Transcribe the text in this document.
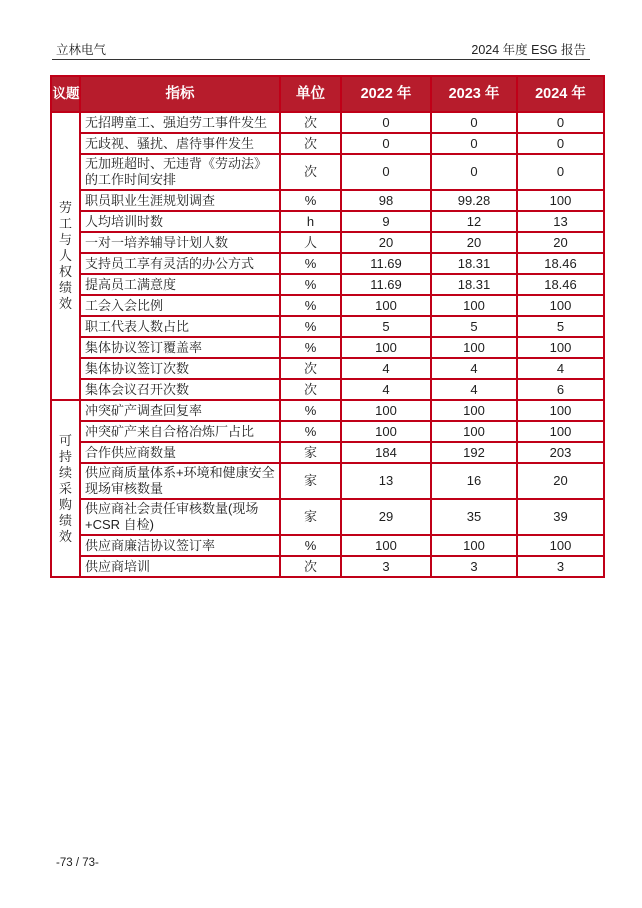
立林电气	2024 年度 ESG 报告
议题	指标	单位	2022 年	2023 年	2024 年
劳工与人权绩效	无招聘童工、强迫劳工事件发生	次	0	0	0
	无歧视、骚扰、虐待事件发生	次	0	0	0
	无加班超时、无违背《劳动法》的工作时间安排	次	0	0	0
	职员职业生涯规划调查	%	98	99.28	100
	人均培训时数	h	9	12	13
	一对一培养辅导计划人数	人	20	20	20
	支持员工享有灵活的办公方式	%	11.69	18.31	18.46
	提高员工满意度	%	11.69	18.31	18.46
	工会入会比例	%	100	100	100
	职工代表人数占比	%	5	5	5
	集体协议签订覆盖率	%	100	100	100
	集体协议签订次数	次	4	4	4
	集体会议召开次数	次	4	4	6
可持续采购绩效	冲突矿产调查回复率	%	100	100	100
	冲突矿产来自合格冶炼厂占比	%	100	100	100
	合作供应商数量	家	184	192	203
	供应商质量体系+环境和健康安全现场审核数量	家	13	16	20
	供应商社会责任审核数量(现场+CSR 自检)	家	29	35	39
	供应商廉洁协议签订率	%	100	100	100
	供应商培训	次	3	3	3
-73 / 73-
